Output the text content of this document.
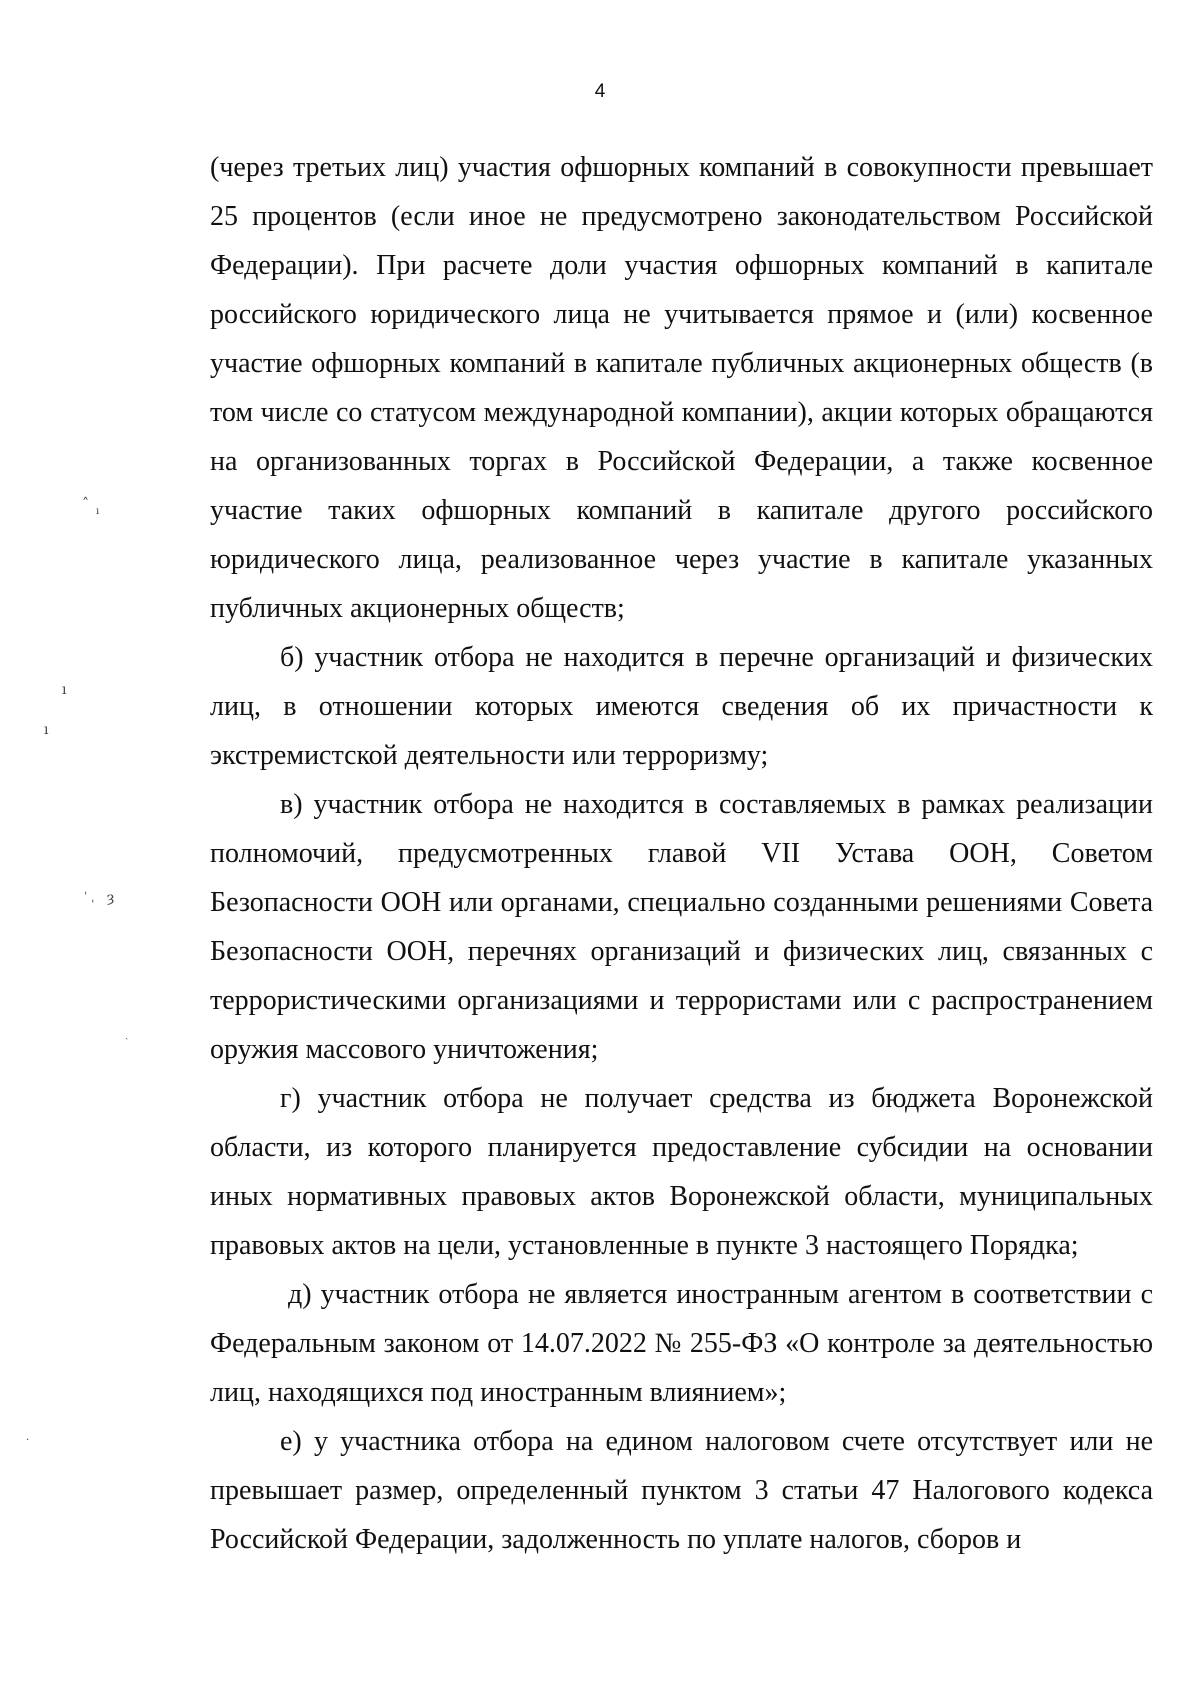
4

(через третьих лиц) участия офшорных компаний в совокупности превышает 25 процентов (если иное не предусмотрено законодательством Российской Федерации). При расчете доли участия офшорных компаний в капитале российского юридического лица не учитывается прямое и (или) косвенное участие офшорных компаний в капитале публичных акционерных обществ (в том числе со статусом международной компании), акции которых обращаются на организованных торгах в Российской Федерации, а также косвенное участие таких офшорных компаний в капитале другого российского юридического лица, реализованное через участие в капитале указанных публичных акционерных обществ;

б) участник отбора не находится в перечне организаций и физических лиц, в отношении которых имеются сведения об их причастности к экстремистской деятельности или терроризму;

в) участник отбора не находится в составляемых в рамках реализации полномочий, предусмотренных главой VII Устава ООН, Советом Безопасности ООН или органами, специально созданными решениями Совета Безопасности ООН, перечнях организаций и физических лиц, связанных с террористическими организациями и террористами или с распространением оружия массового уничтожения;

г) участник отбора не получает средства из бюджета Воронежской области, из которого планируется предоставление субсидии на основании иных нормативных правовых актов Воронежской области, муниципальных правовых актов на цели, установленные в пункте 3 настоящего Порядка;

д) участник отбора не является иностранным агентом в соответствии с Федеральным законом от 14.07.2022 № 255-ФЗ «О контроле за деятельностью лиц, находящихся под иностранным влиянием»;

е) у участника отбора на едином налоговом счете отсутствует или не превышает размер, определенный пунктом 3 статьи 47 Налогового кодекса Российской Федерации, задолженность по уплате налогов, сборов и

˄ ı
ı
ı
ˈ ˌ ȝ
ˎ
·
